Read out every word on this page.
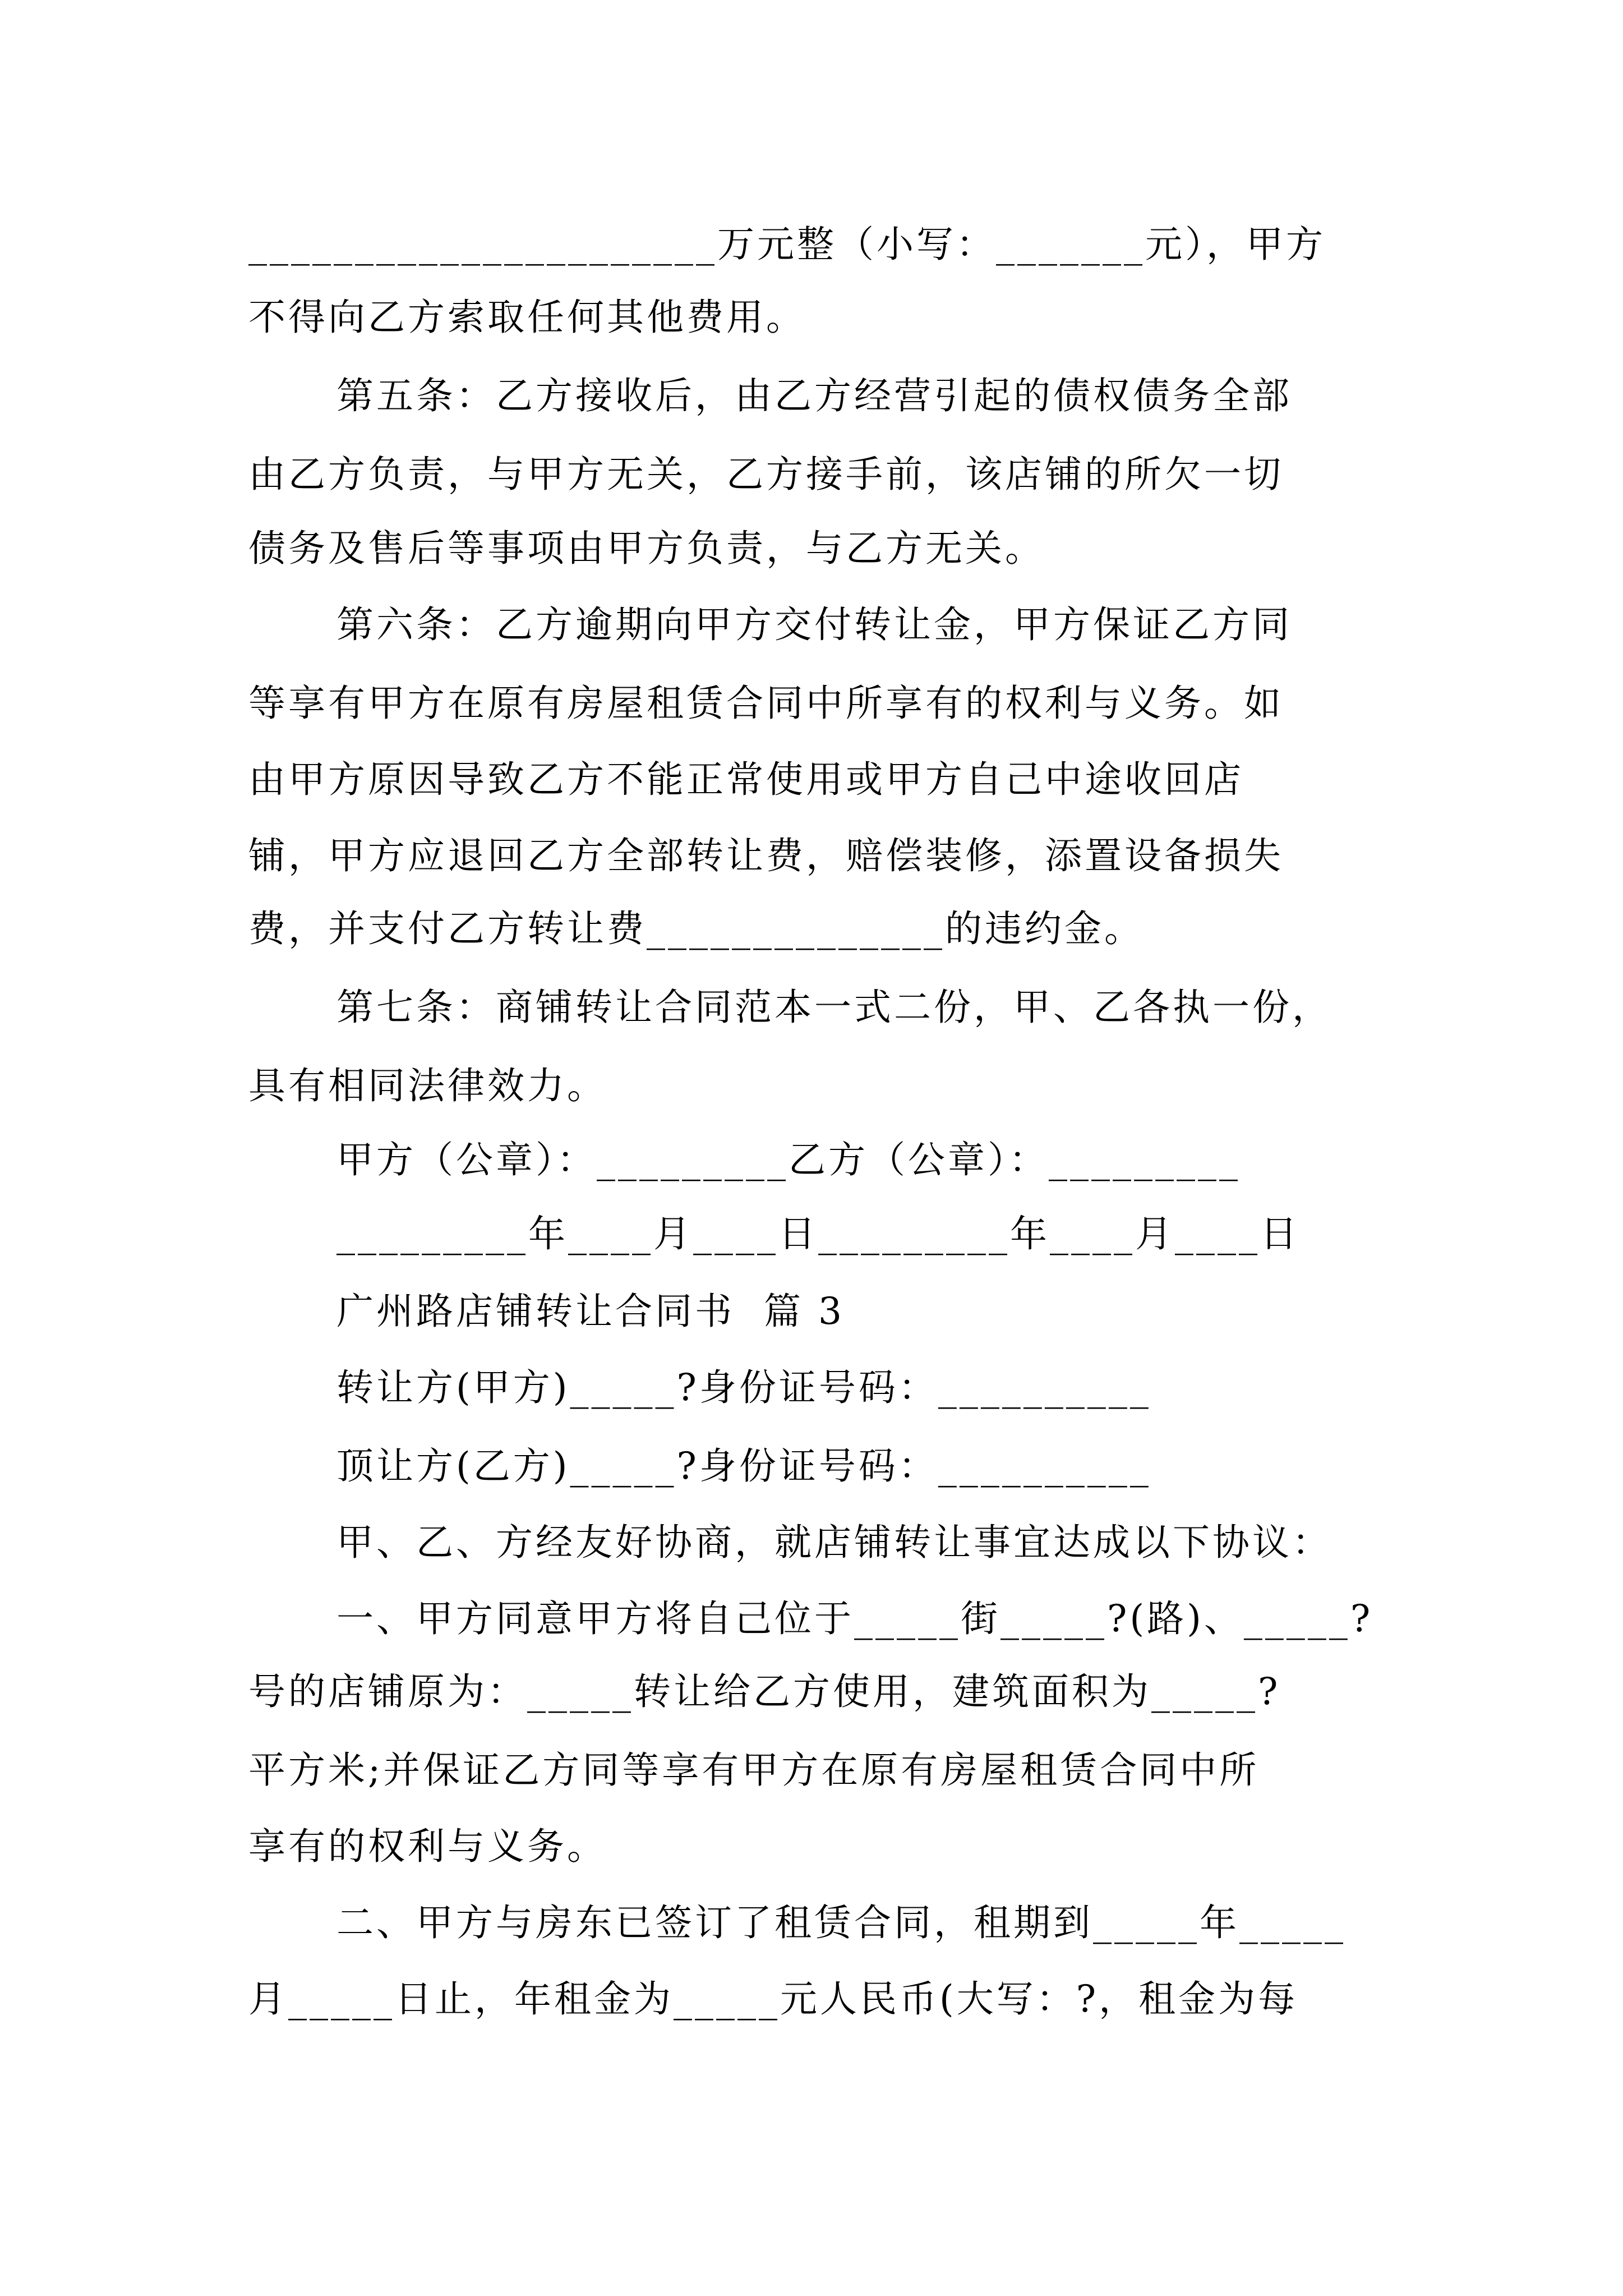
______________________万元整（小写：_______元），甲方
不得向乙方索取任何其他费用。
第五条：乙方接收后，由乙方经营引起的债权债务全部
由乙方负责，与甲方无关，乙方接手前，该店铺的所欠一切
债务及售后等事项由甲方负责，与乙方无关。
第六条：乙方逾期向甲方交付转让金，甲方保证乙方同
等享有甲方在原有房屋租赁合同中所享有的权利与义务。如
由甲方原因导致乙方不能正常使用或甲方自己中途收回店
铺，甲方应退回乙方全部转让费，赔偿装修，添置设备损失
费，并支付乙方转让费______________的违约金。
第七条：商铺转让合同范本一式二份，甲、乙各执一份，
具有相同法律效力。
甲方（公章）：_________乙方（公章）：_________
_________年____月____日_________年____月____日
广州路店铺转让合同书  篇 3
转让方(甲方)_____?身份证号码：__________
顶让方(乙方)_____?身份证号码：__________
甲、乙、方经友好协商，就店铺转让事宜达成以下协议：
一、甲方同意甲方将自己位于_____街_____?(路)、_____?
号的店铺原为：_____转让给乙方使用，建筑面积为_____?
平方米;并保证乙方同等享有甲方在原有房屋租赁合同中所
享有的权利与义务。
二、甲方与房东已签订了租赁合同，租期到_____年_____
月_____日止，年租金为_____元人民币(大写：?，租金为每
